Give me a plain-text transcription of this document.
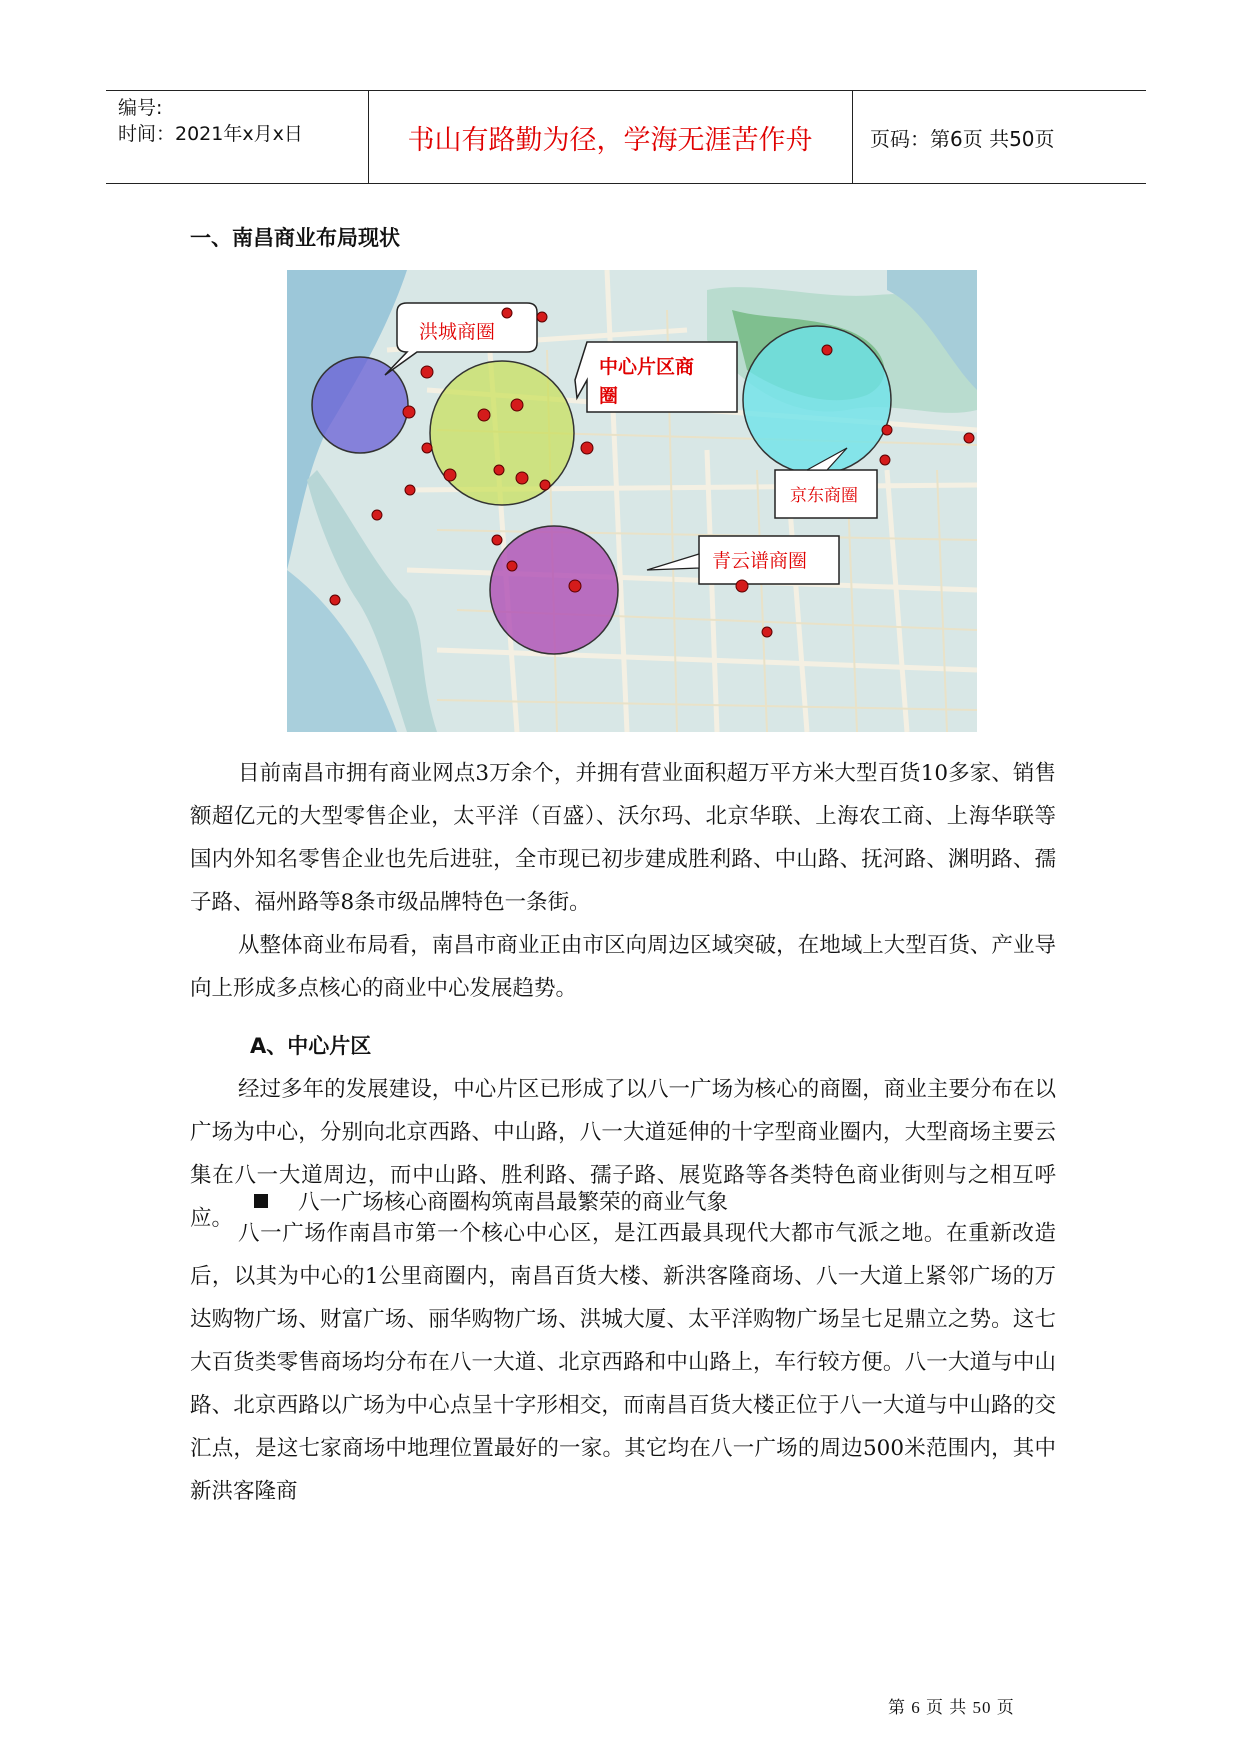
编号:
时间：2021年x月x日	书山有路勤为径，学海无涯苦作舟	页码：第6页 共50页
一、南昌商业布局现状
洪城商圈
中心片区商
圈
京东商圈
青云谱商圈
目前南昌市拥有商业网点3万余个，并拥有营业面积超万平方米大型百货10多家、销售额超亿元的大型零售企业，太平洋（百盛）、沃尔玛、北京华联、上海农工商、上海华联等国内外知名零售企业也先后进驻，全市现已初步建成胜利路、中山路、抚河路、渊明路、孺子路、福州路等8条市级品牌特色一条街。
从整体商业布局看，南昌市商业正由市区向周边区域突破，在地域上大型百货、产业导向上形成多点核心的商业中心发展趋势。
A、中心片区
经过多年的发展建设，中心片区已形成了以八一广场为核心的商圈，商业主要分布在以广场为中心，分别向北京西路、中山路，八一大道延伸的十字型商业圈内，大型商场主要云集在八一大道周边，而中山路、胜利路、孺子路、展览路等各类特色商业街则与之相互呼应。
八一广场核心商圈构筑南昌最繁荣的商业气象
八一广场作南昌市第一个核心中心区，是江西最具现代大都市气派之地。在重新改造后，以其为中心的1公里商圈内，南昌百货大楼、新洪客隆商场、八一大道上紧邻广场的万达购物广场、财富广场、丽华购物广场、洪城大厦、太平洋购物广场呈七足鼎立之势。这七大百货类零售商场均分布在八一大道、北京西路和中山路上，车行较方便。八一大道与中山路、北京西路以广场为中心点呈十字形相交，而南昌百货大楼正位于八一大道与中山路的交汇点，是这七家商场中地理位置最好的一家。其它均在八一广场的周边500米范围内，其中新洪客隆商
第 6 页 共 50 页
